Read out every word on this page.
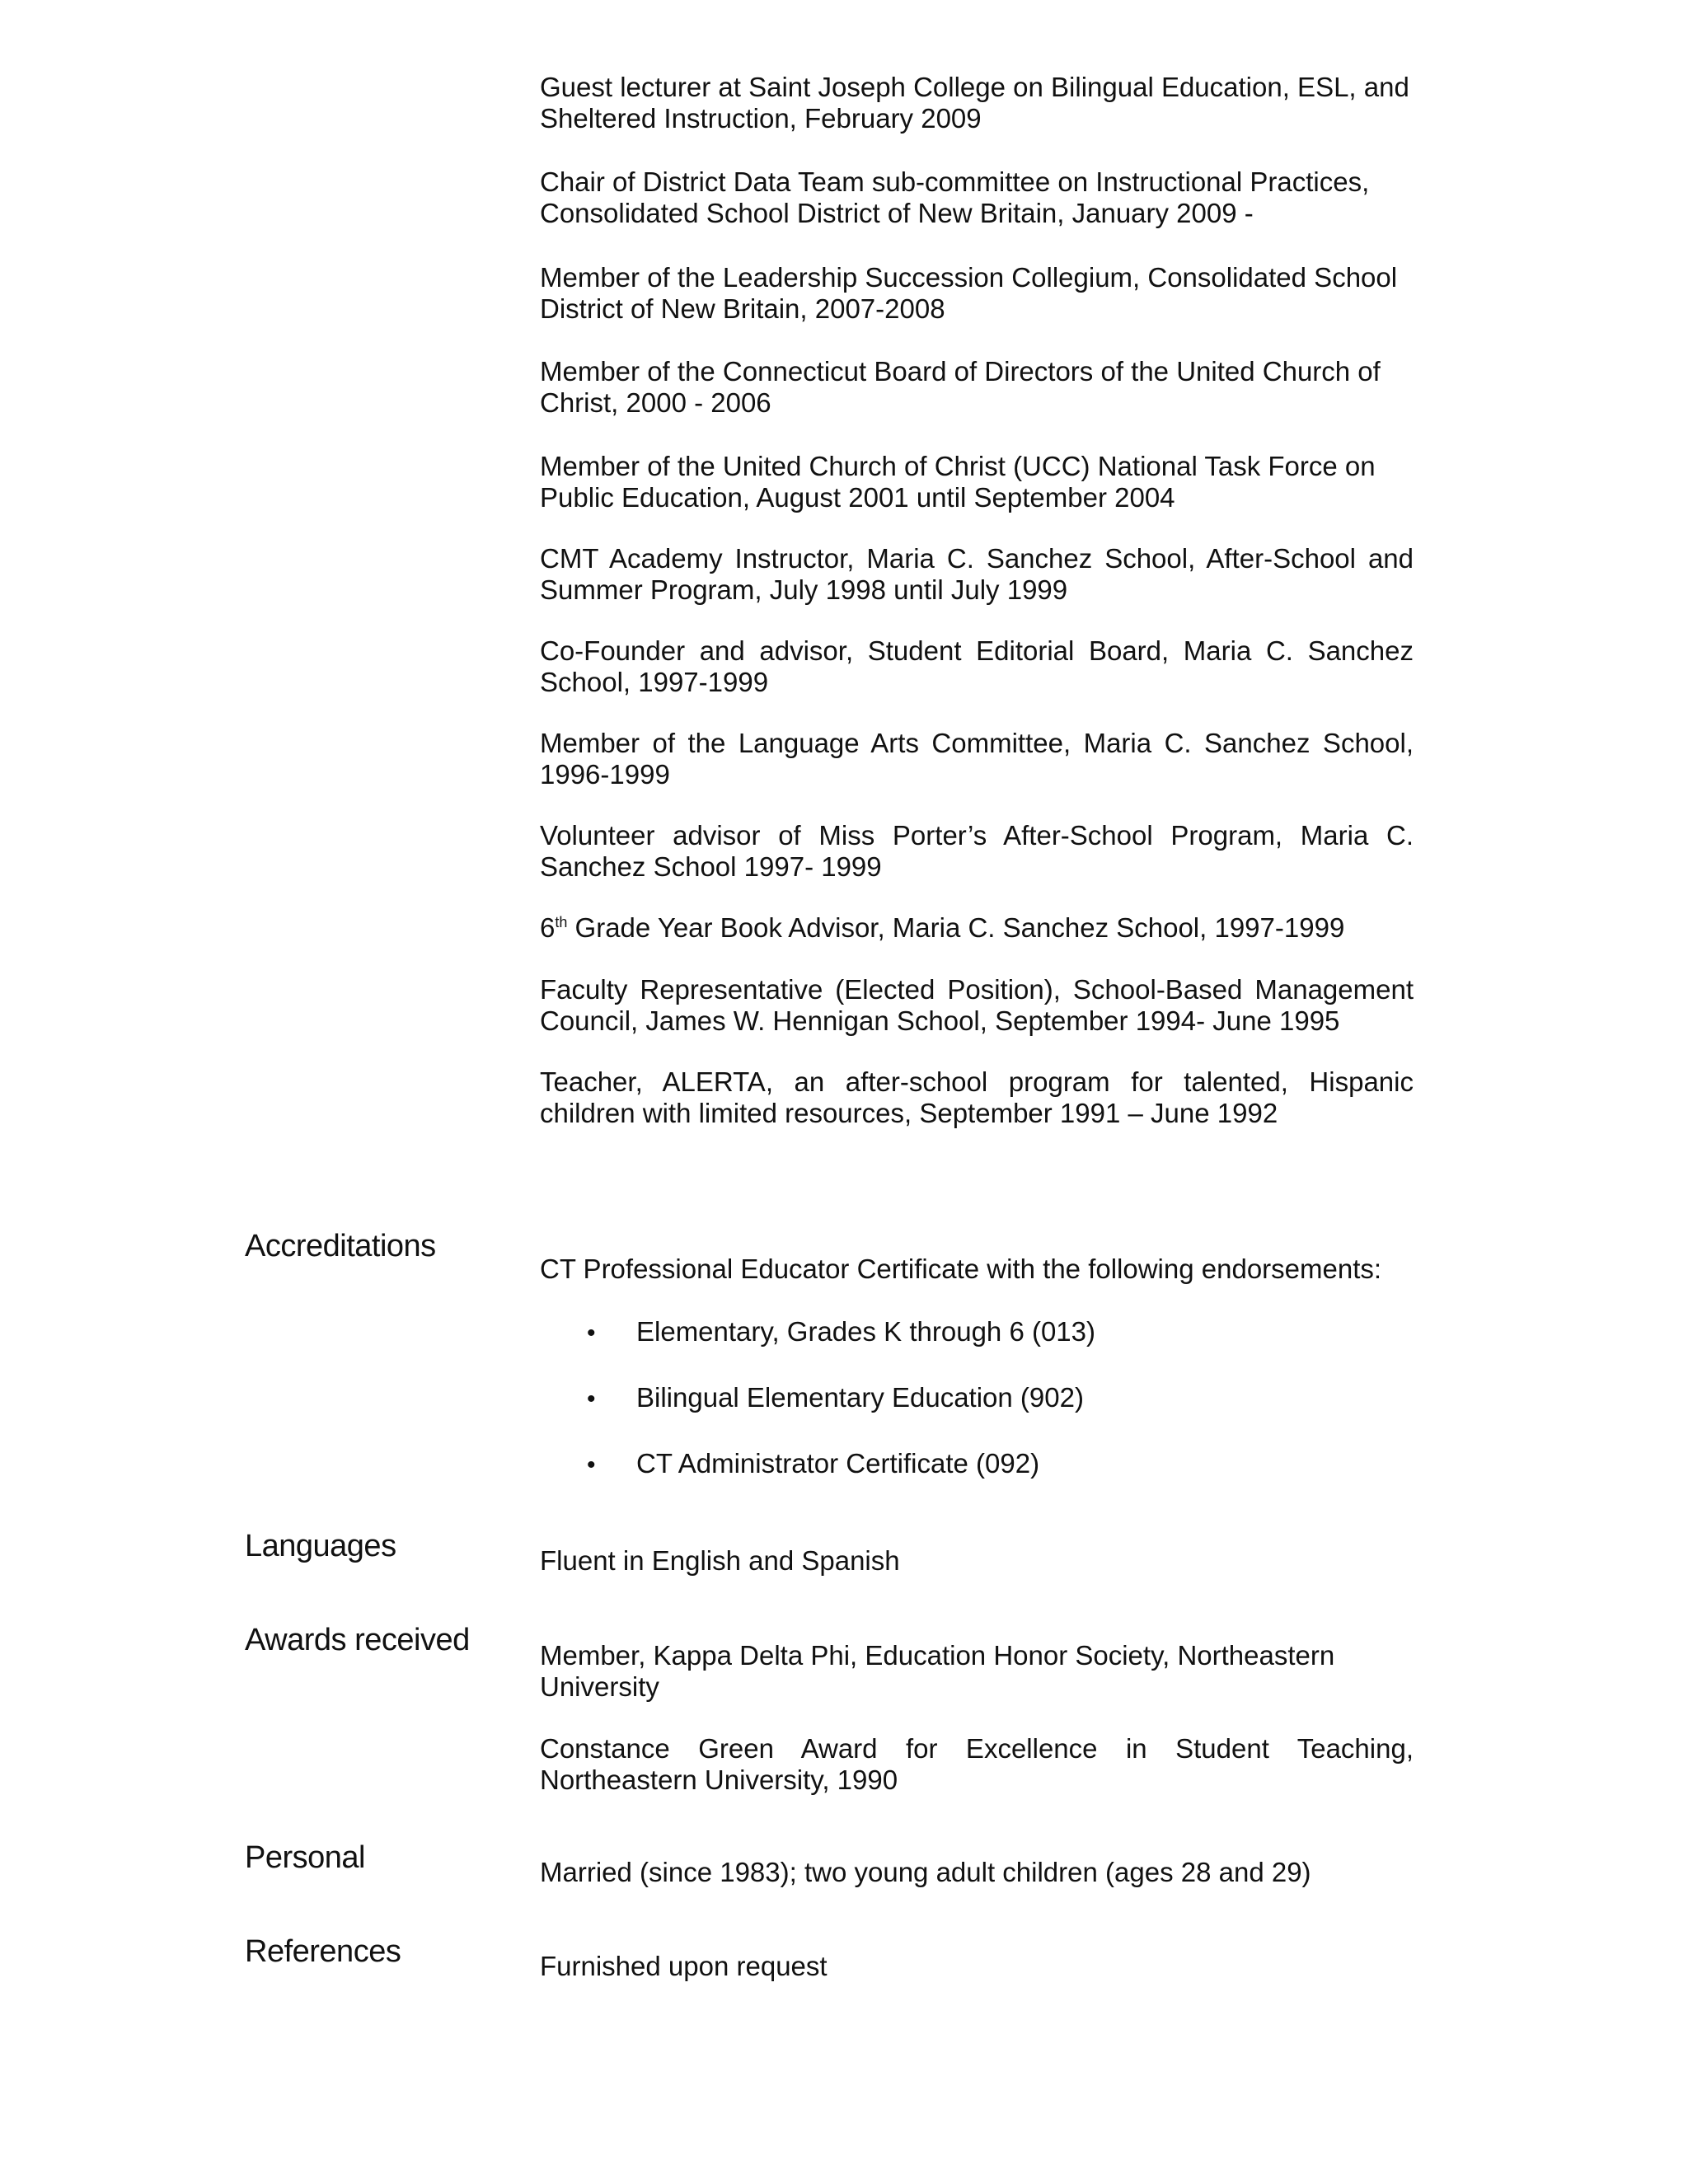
Guest lecturer at Saint Joseph College on Bilingual Education, ESL, and Sheltered Instruction, February 2009

Chair of District Data Team sub-committee on Instructional Practices, Consolidated School District of New Britain, January 2009 -

Member of the Leadership Succession Collegium, Consolidated School District of New Britain, 2007-2008

Member of the Connecticut Board of Directors of the United Church of Christ, 2000 - 2006

Member of the United Church of Christ (UCC) National Task Force on Public Education, August 2001 until September 2004

CMT Academy Instructor, Maria C. Sanchez School, After-School and Summer Program, July 1998 until July 1999

Co-Founder and advisor, Student Editorial Board, Maria C. Sanchez School, 1997-1999

Member of the Language Arts Committee, Maria C. Sanchez School, 1996-1999

Volunteer advisor of Miss Porter’s After-School Program, Maria C. Sanchez School 1997- 1999

6th Grade Year Book Advisor, Maria C. Sanchez School, 1997-1999

Faculty Representative (Elected Position), School-Based Management Council, James W. Hennigan School, September 1994- June 1995

Teacher, ALERTA, an after-school program for talented, Hispanic children with limited resources, September 1991 – June 1992

Accreditations

CT Professional Educator Certificate with the following endorsements:

• Elementary, Grades K through 6 (013)
• Bilingual Elementary Education (902)
• CT Administrator Certificate (092)

Languages	Fluent in English and Spanish

Awards received	Member, Kappa Delta Phi, Education Honor Society, Northeastern University

Constance Green Award for Excellence in Student Teaching, Northeastern University, 1990

Personal	Married (since 1983); two young adult children (ages 28 and 29)

References	Furnished upon request
